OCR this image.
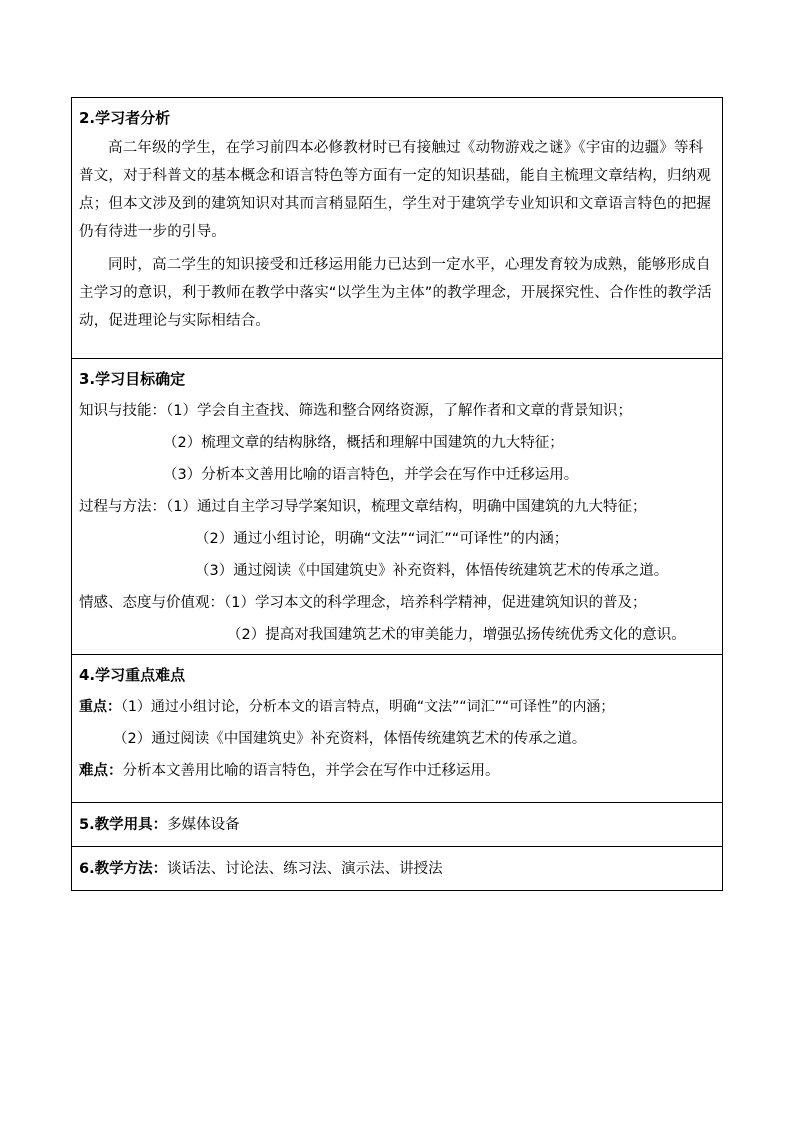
2.学习者分析

高二年级的学生，在学习前四本必修教材时已有接触过《动物游戏之谜》《宇宙的边疆》等科普文，对于科普文的基本概念和语言特色等方面有一定的知识基础，能自主梳理文章结构，归纳观点；但本文涉及到的建筑知识对其而言稍显陌生，学生对于建筑学专业知识和文章语言特色的把握仍有待进一步的引导。

同时，高二学生的知识接受和迁移运用能力已达到一定水平，心理发育较为成熟，能够形成自主学习的意识，利于教师在教学中落实“以学生为主体”的教学理念，开展探究性、合作性的教学活动，促进理论与实际相结合。

3.学习目标确定

知识与技能：（1）学会自主查找、筛选和整合网络资源，了解作者和文章的背景知识；

（2）梳理文章的结构脉络，概括和理解中国建筑的九大特征；

（3）分析本文善用比喻的语言特色，并学会在写作中迁移运用。

过程与方法：（1）通过自主学习导学案知识，梳理文章结构，明确中国建筑的九大特征；

（2）通过小组讨论，明确“文法”“词汇”“可译性”的内涵；

（3）通过阅读《中国建筑史》补充资料，体悟传统建筑艺术的传承之道。

情感、态度与价值观：（1）学习本文的科学理念，培养科学精神，促进建筑知识的普及；

（2）提高对我国建筑艺术的审美能力，增强弘扬传统优秀文化的意识。

4.学习重点难点

重点：（1）通过小组讨论，分析本文的语言特点，明确“文法”“词汇”“可译性”的内涵；

（2）通过阅读《中国建筑史》补充资料，体悟传统建筑艺术的传承之道。

难点：分析本文善用比喻的语言特色，并学会在写作中迁移运用。

5.教学用具：多媒体设备

6.教学方法：谈话法、讨论法、练习法、演示法、讲授法
